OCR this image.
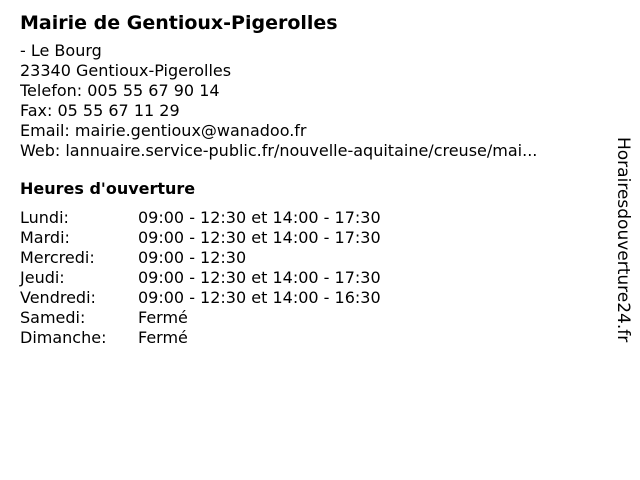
Mairie de Gentioux-Pigerolles
- Le Bourg
23340 Gentioux-Pigerolles
Telefon: 005 55 67 90 14
Fax: 05 55 67 11 29
Email: mairie.gentioux@wanadoo.fr
Web: lannuaire.service-public.fr/nouvelle-aquitaine/creuse/mai...
Heures d'ouverture
Lundi:	09:00 - 12:30 et 14:00 - 17:30
Mardi:	09:00 - 12:30 et 14:00 - 17:30
Mercredi:	09:00 - 12:30
Jeudi:	09:00 - 12:30 et 14:00 - 17:30
Vendredi:	09:00 - 12:30 et 14:00 - 16:30
Samedi:	Fermé
Dimanche:	Fermé	Horairesdouverture24.fr
